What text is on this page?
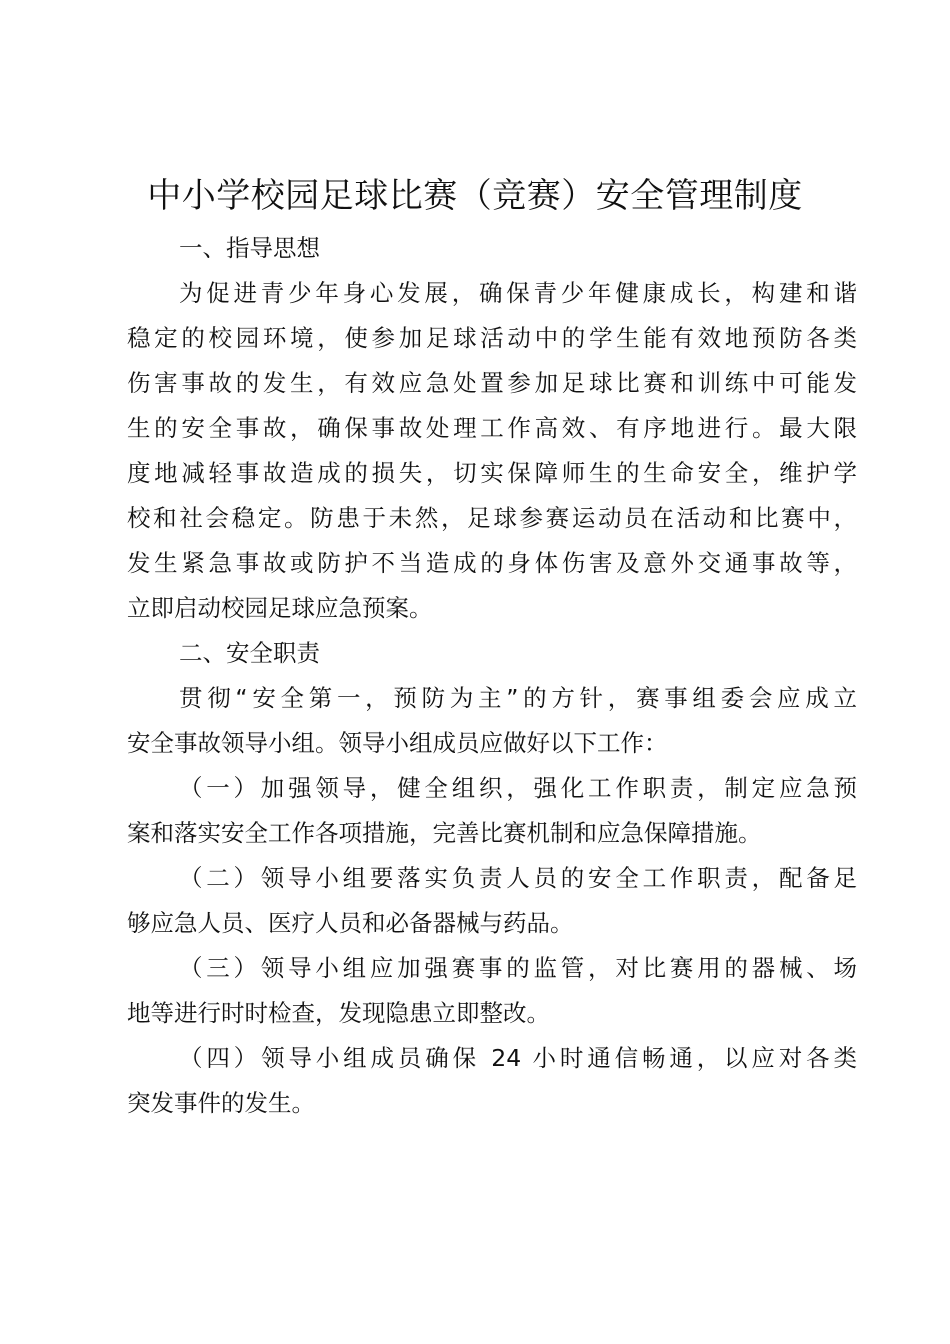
中小学校园足球比赛（竞赛）安全管理制度
一、指导思想
为促进青少年身心发展，确保青少年健康成长，构建和谐
稳定的校园环境，使参加足球活动中的学生能有效地预防各类
伤害事故的发生，有效应急处置参加足球比赛和训练中可能发
生的安全事故，确保事故处理工作高效、有序地进行。最大限
度地减轻事故造成的损失，切实保障师生的生命安全，维护学
校和社会稳定。防患于未然，足球参赛运动员在活动和比赛中，
发生紧急事故或防护不当造成的身体伤害及意外交通事故等，
立即启动校园足球应急预案。
二、安全职责
贯彻“安全第一，预防为主”的方针，赛事组委会应成立
安全事故领导小组。领导小组成员应做好以下工作：
（一）加强领导，健全组织，强化工作职责，制定应急预
案和落实安全工作各项措施，完善比赛机制和应急保障措施。
（二）领导小组要落实负责人员的安全工作职责，配备足
够应急人员、医疗人员和必备器械与药品。
（三）领导小组应加强赛事的监管，对比赛用的器械、场
地等进行时时检查，发现隐患立即整改。
（四）领导小组成员确保 24 小时通信畅通，以应对各类
突发事件的发生。
